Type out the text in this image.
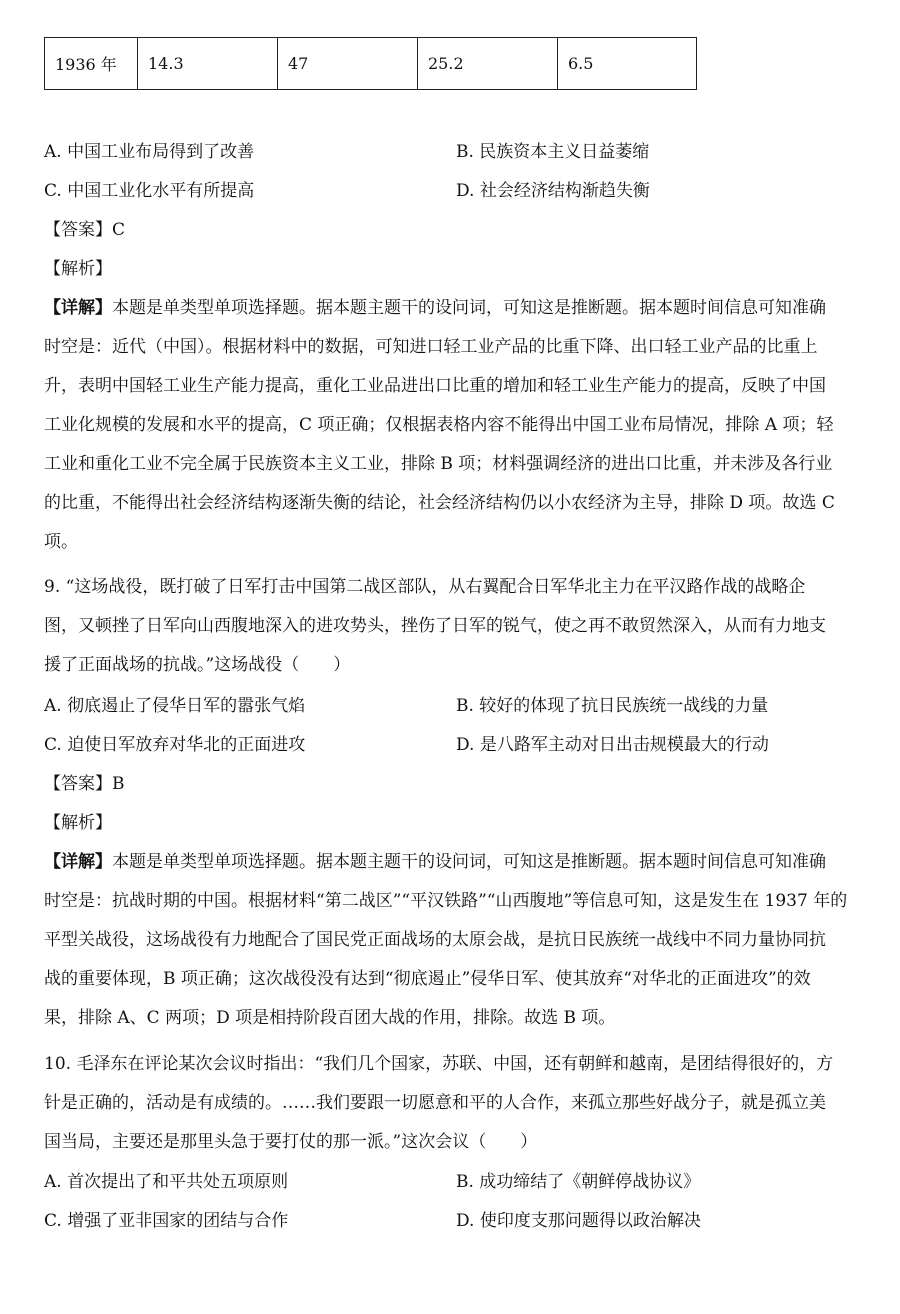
1936 年	14.3	47	25.2	6.5
A. 中国工业布局得到了改善	B. 民族资本主义日益萎缩
C. 中国工业化水平有所提高	D. 社会经济结构渐趋失衡
【答案】C
【解析】
【详解】本题是单类型单项选择题。据本题主题干的设问词，可知这是推断题。据本题时间信息可知准确
时空是：近代（中国）。根据材料中的数据，可知进口轻工业产品的比重下降、出口轻工业产品的比重上
升，表明中国轻工业生产能力提高，重化工业品进出口比重的增加和轻工业生产能力的提高，反映了中国
工业化规模的发展和水平的提高，C 项正确；仅根据表格内容不能得出中国工业布局情况，排除 A 项；轻
工业和重化工业不完全属于民族资本主义工业，排除 B 项；材料强调经济的进出口比重，并未涉及各行业
的比重，不能得出社会经济结构逐渐失衡的结论，社会经济结构仍以小农经济为主导，排除 D 项。故选 C
项。
9. “这场战役，既打破了日军打击中国第二战区部队，从右翼配合日军华北主力在平汉路作战的战略企
图，又顿挫了日军向山西腹地深入的进攻势头，挫伤了日军的锐气，使之再不敢贸然深入，从而有力地支
援了正面战场的抗战。”这场战役（　　）
A. 彻底遏止了侵华日军的嚣张气焰	B. 较好的体现了抗日民族统一战线的力量
C. 迫使日军放弃对华北的正面进攻	D. 是八路军主动对日出击规模最大的行动
【答案】B
【解析】
【详解】本题是单类型单项选择题。据本题主题干的设问词，可知这是推断题。据本题时间信息可知准确
时空是：抗战时期的中国。根据材料“第二战区”“平汉铁路”“山西腹地”等信息可知，这是发生在 1937 年的
平型关战役，这场战役有力地配合了国民党正面战场的太原会战，是抗日民族统一战线中不同力量协同抗
战的重要体现，B 项正确；这次战役没有达到“彻底遏止”侵华日军、使其放弃“对华北的正面进攻”的效
果，排除 A、C 两项；D 项是相持阶段百团大战的作用，排除。故选 B 项。
10. 毛泽东在评论某次会议时指出：“我们几个国家，苏联、中国，还有朝鲜和越南，是团结得很好的，方
针是正确的，活动是有成绩的。……我们要跟一切愿意和平的人合作，来孤立那些好战分子，就是孤立美
国当局，主要还是那里头急于要打仗的那一派。”这次会议（　　）
A. 首次提出了和平共处五项原则	B. 成功缔结了《朝鲜停战协议》
C. 增强了亚非国家的团结与合作	D. 使印度支那问题得以政治解决
